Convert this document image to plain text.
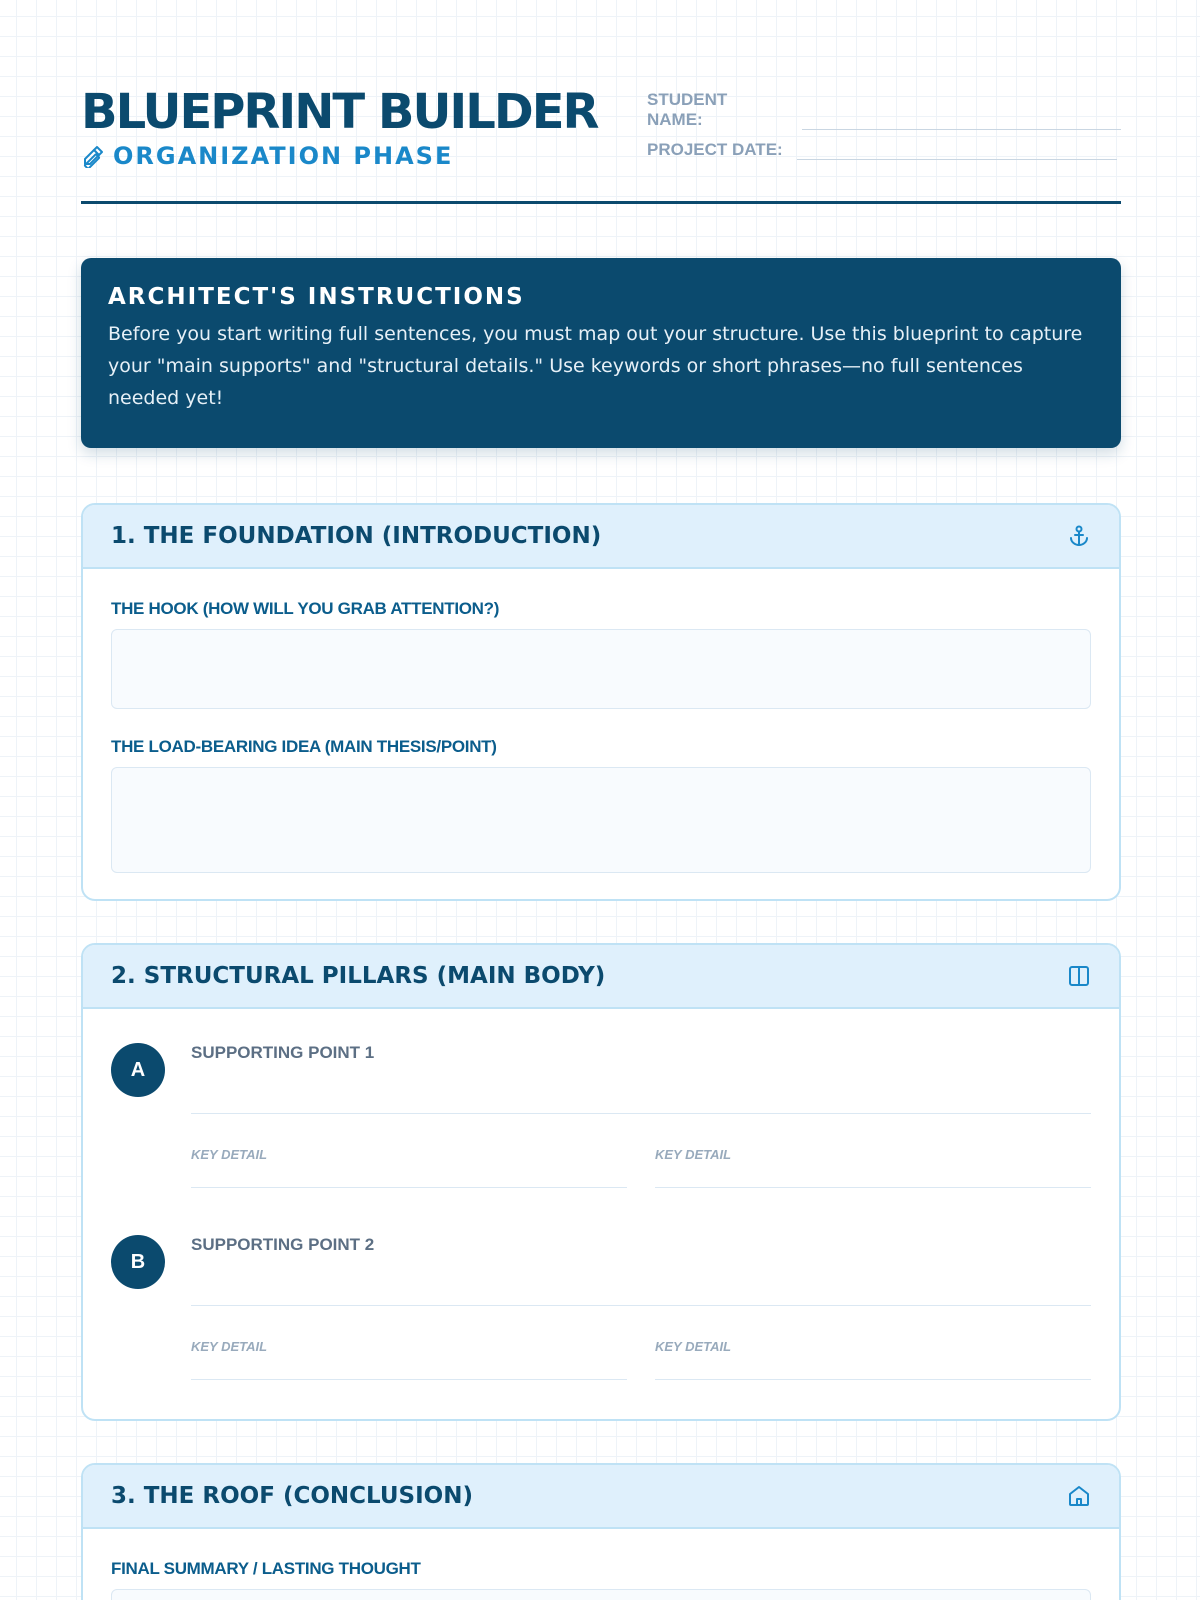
BLUEPRINT BUILDER
ORGANIZATION PHASE
STUDENT NAME:
PROJECT DATE:
ARCHITECT'S INSTRUCTIONS

Before you start writing full sentences, you must map out your structure. Use this blueprint to capture your "main supports" and "structural details." Use keywords or short phrases—no full sentences needed yet!

1. THE FOUNDATION (INTRODUCTION)
THE HOOK (HOW WILL YOU GRAB ATTENTION?)
THE LOAD-BEARING IDEA (MAIN THESIS/POINT)
2. STRUCTURAL PILLARS (MAIN BODY)
A
SUPPORTING POINT 1
KEY DETAIL	KEY DETAIL
B
SUPPORTING POINT 2
KEY DETAIL	KEY DETAIL
3. THE ROOF (CONCLUSION)
FINAL SUMMARY / LASTING THOUGHT
